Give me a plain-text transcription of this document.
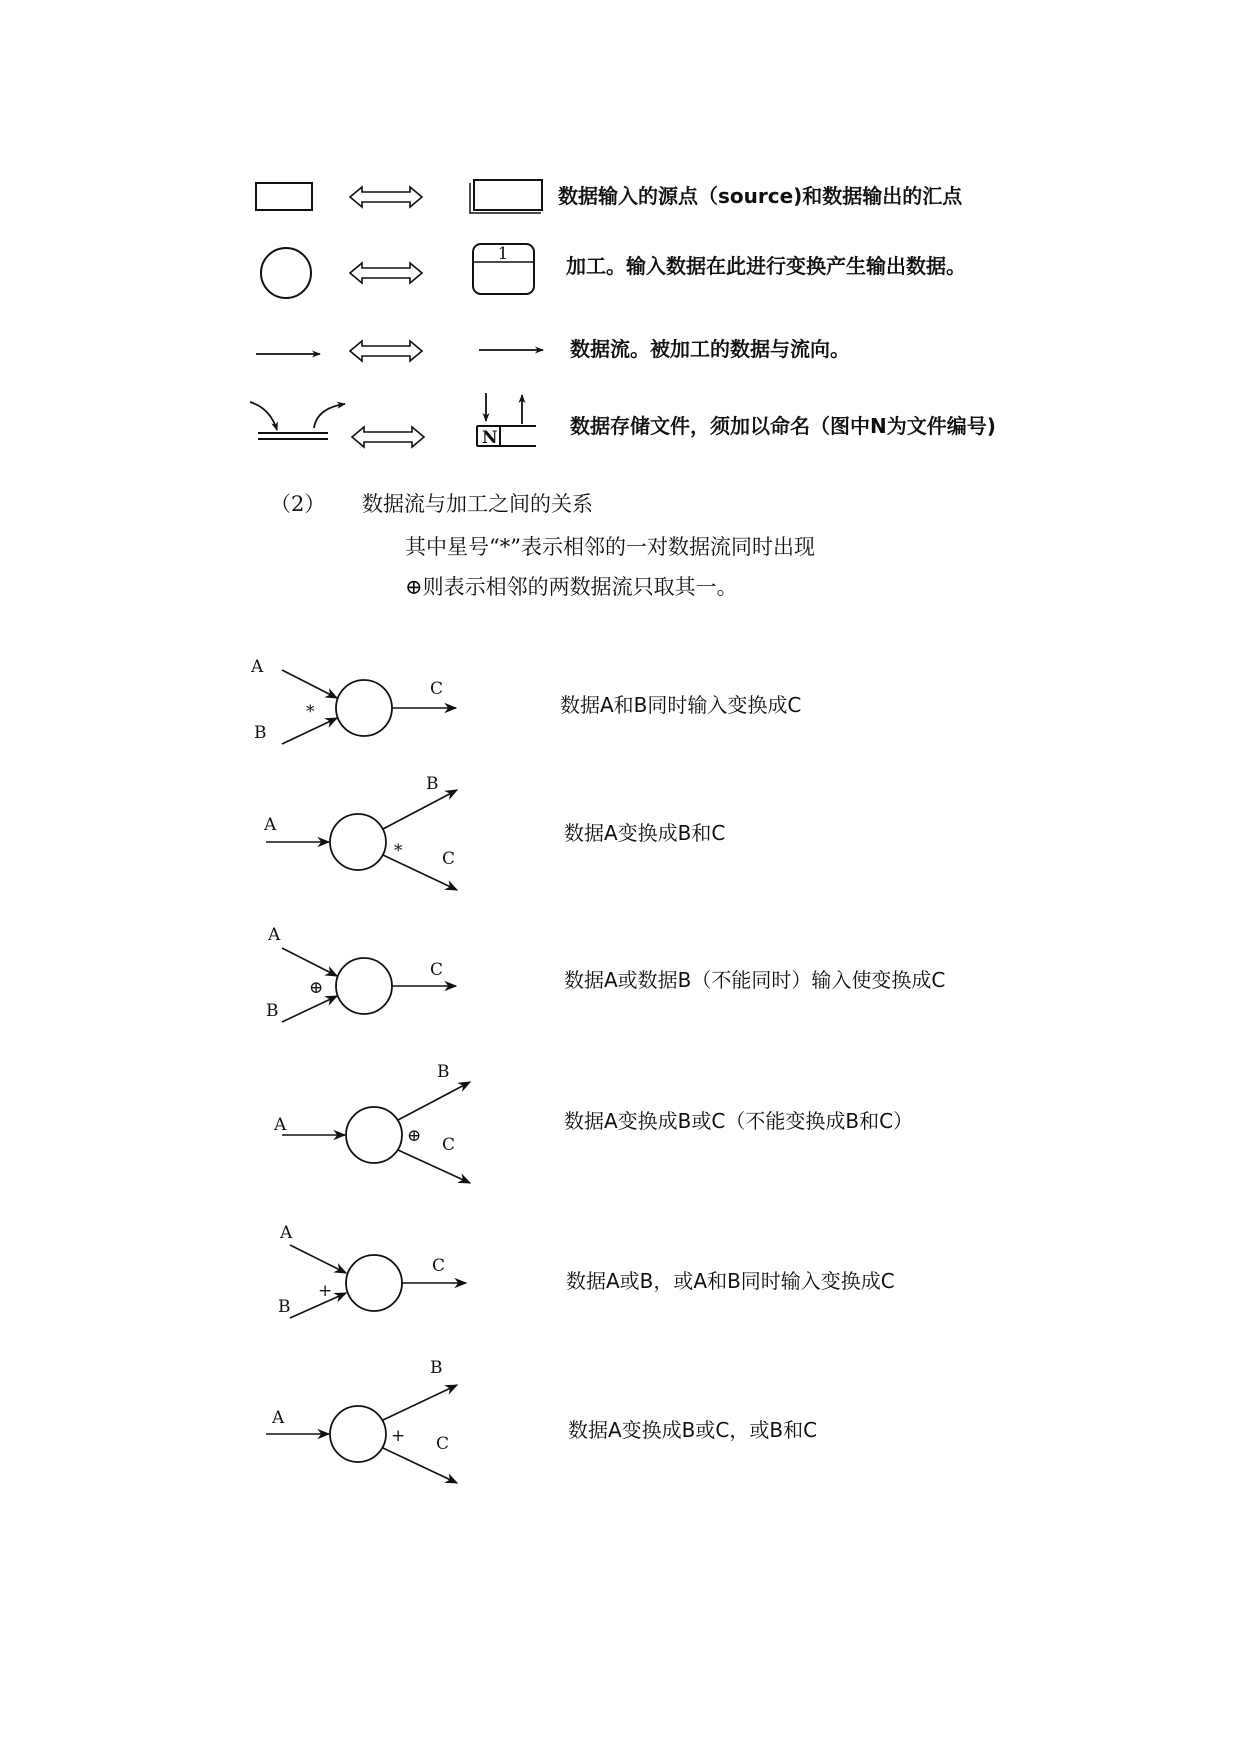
数据输入的源点（source)和数据输出的汇点
1	加工。输入数据在此进行变换产生输出数据。
数据流。被加工的数据与流向。
N	数据存储文件，须加以命名（图中N为文件编号)
A
B
C
*	数据A和B同时输入变换成C
A
B
C
*
数据A变换成B和C
A
B
C
⊕	数据A或数据B（不能同时）输入使变换成C
A
B
C
⊕
数据A变换成B或C（不能变换成B和C）
A
B
C
+	数据A或B，或A和B同时输入变换成C
A
B
C
+	数据A变换成B或C，或B和C
（2） 数据流与加工之间的关系
其中星号“*”表示相邻的一对数据流同时出现
⊕则表示相邻的两数据流只取其一。
